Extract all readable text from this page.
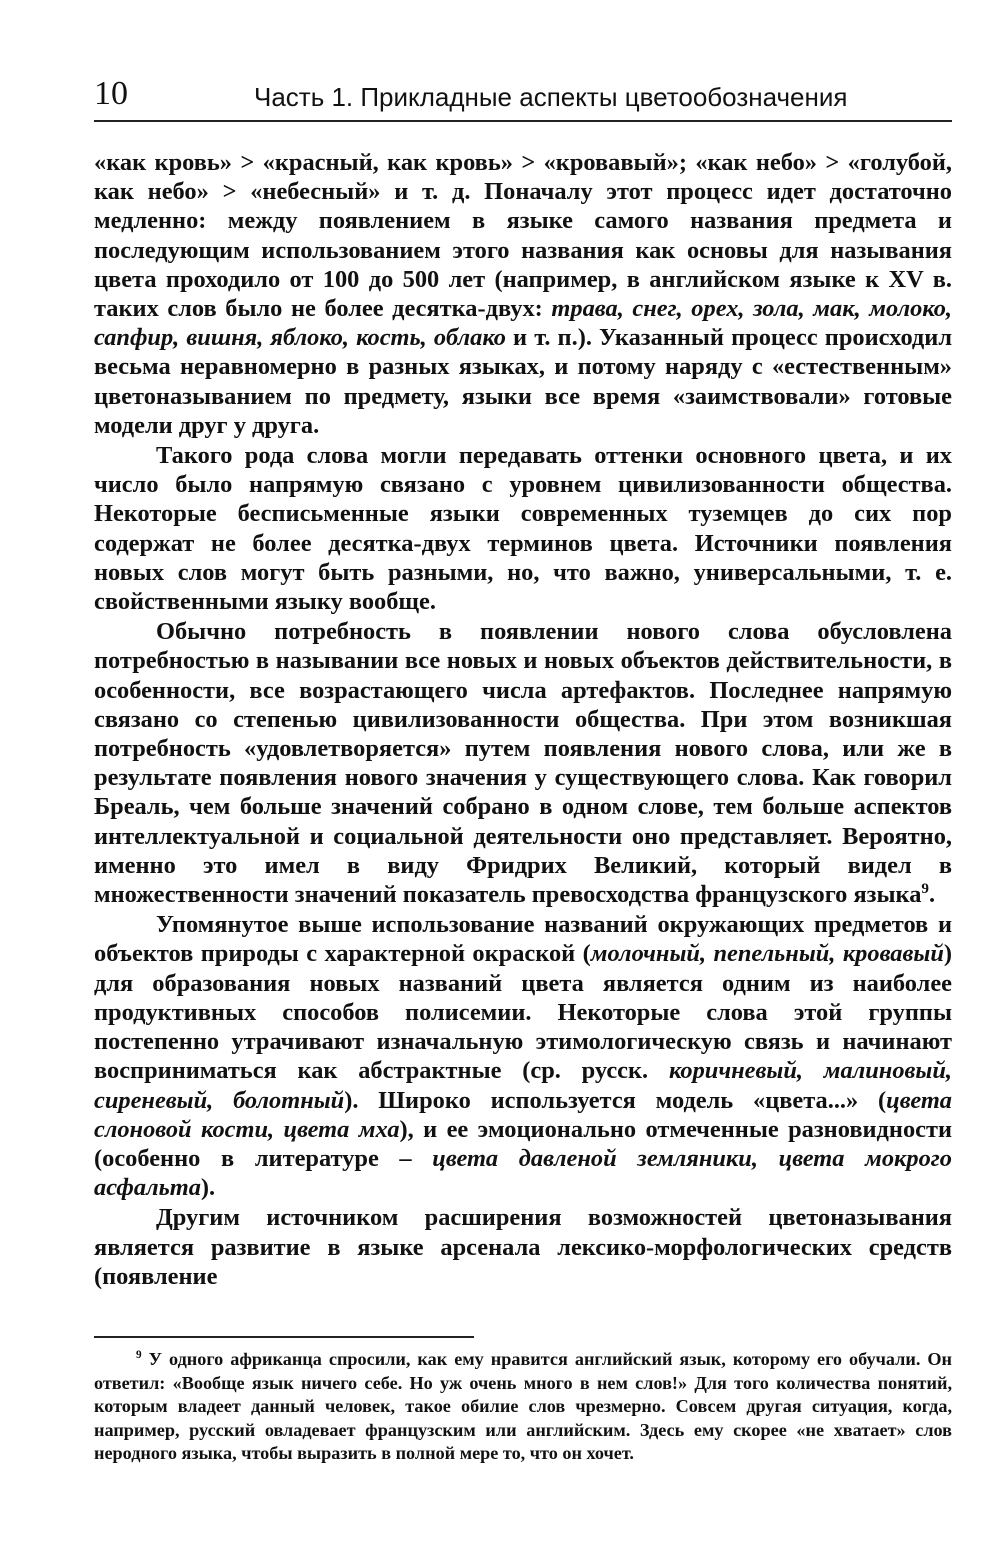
10	Часть 1. Прикладные аспекты цветообозначения

«как кровь» > «красный, как кровь» > «кровавый»; «как небо» > «голубой, как небо» > «небесный» и т. д. Поначалу этот процесс идет достаточно медленно: между появлением в языке самого названия предмета и последующим использованием этого названия как основы для называния цвета проходило от 100 до 500 лет (например, в английском языке к XV в. таких слов было не более десятка-двух: трава, снег, орех, зола, мак, молоко, сапфир, вишня, яблоко, кость, облако и т. п.). Указанный процесс происходил весьма неравномерно в разных языках, и потому наряду с «естественным» цветоназыванием по предмету, языки все время «заимствовали» готовые модели друг у друга.

Такого рода слова могли передавать оттенки основного цвета, и их число было напрямую связано с уровнем цивилизованности общества. Некоторые бесписьменные языки современных туземцев до сих пор содержат не более десятка-двух терминов цвета. Источники появления новых слов могут быть разными, но, что важно, универсальными, т. е. свойственными языку вообще.

Обычно потребность в появлении нового слова обусловлена потребностью в назывании все новых и новых объектов действительности, в особенности, все возрастающего числа артефактов. Последнее напрямую связано со степенью цивилизованности общества. При этом возникшая потребность «удовлетворяется» путем появления нового слова, или же в результате появления нового значения у существующего слова. Как говорил Бреаль, чем больше значений собрано в одном слове, тем больше аспектов интеллектуальной и социальной деятельности оно представляет. Вероятно, именно это имел в виду Фридрих Великий, который видел в множественности значений показатель превосходства французского языка$^9$.

Упомянутое выше использование названий окружающих предметов и объектов природы с характерной окраской (молочный, пепельный, кровавый) для образования новых названий цвета является одним из наиболее продуктивных способов полисемии. Некоторые слова этой группы постепенно утрачивают изначальную этимологическую связь и начинают восприниматься как абстрактные (ср. русск. коричневый, малиновый, сиреневый, болотный). Широко используется модель «цвета...» (цвета слоновой кости, цвета мха), и ее эмоционально отмеченные разновидности (особенно в литературе – цвета давленой земляники, цвета мокрого асфальта).

Другим источником расширения возможностей цветоназывания является развитие в языке арсенала лексико-морфологических средств (появление

$^9$ У одного африканца спросили, как ему нравится английский язык, которому его обучали. Он ответил: «Вообще язык ничего себе. Но уж очень много в нем слов!» Для того количества понятий, которым владеет данный человек, такое обилие слов чрезмерно. Совсем другая ситуация, когда, например, русский овладевает французским или английским. Здесь ему скорее «не хватает» слов неродного языка, чтобы выразить в полной мере то, что он хочет.
